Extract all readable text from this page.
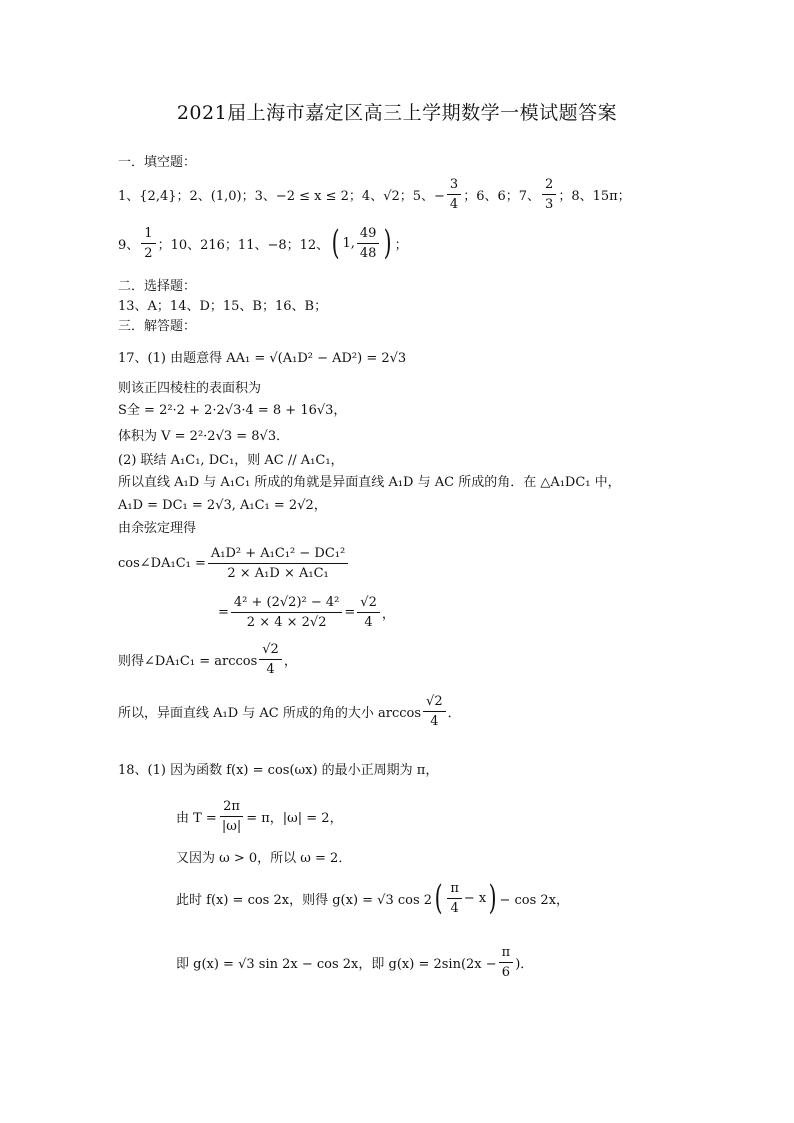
2021届上海市嘉定区高三上学期数学一模试题答案
一．填空题：
1、{2,4}；2、(1,0)；3、−2 ≤ x ≤ 2；4、√2；5、− $\frac{3}{4}$ ；6、6；7、 $\frac{2}{3}$ ；8、15π；
9、 $\frac{1}{2}$ ；10、216；11、−8；12、 ( 1, $\frac{49}{48}$ ) ；
二．选择题：
13、A；14、D；15、B；16、B；
三．解答题：
17、(1) 由题意得 AA₁ = √(A₁D² − AD²) = 2√3
则该正四棱柱的表面积为
S全 = 2²·2 + 2·2√3·4 = 8 + 16√3，
体积为 V = 2²·2√3 = 8√3．
(2) 联结 A₁C₁, DC₁，则 AC // A₁C₁，
所以直线 A₁D 与 A₁C₁ 所成的角就是异面直线 A₁D 与 AC 所成的角．在 △A₁DC₁ 中，
A₁D = DC₁ = 2√3, A₁C₁ = 2√2，
由余弦定理得
cos∠DA₁C₁ = $\frac{\text{A₁D² + A₁C₁² − DC₁²}}{\text{2 × A₁D × A₁C₁}}$
= $\frac{\text{4² + (2√2)² − 4²}}{2 \times 4 \times 2√2} = \frac{√2}{4}$ ，
则得∠DA₁C₁ = $\arccos \frac{√2}{4}$ ，
所以，异面直线 A₁D 与 AC 所成的角的大小 $\arccos \frac{√2}{4}$ ．
18、(1) 因为函数 f(x) = cos(ωx) 的最小正周期为 π，
由 $T = \frac{2\pi}{|\omega|} = \pi$，|ω| = 2，
又因为 ω > 0，所以 ω = 2．
此时 f(x) = cos 2x，则得 g(x) = √3 cos 2 ( $\frac{\pi}{4} - x$ ) − cos 2x，
即 g(x) = √3 sin 2x − cos 2x，即 $g(x) = 2\sin(2x - \frac{\pi}{6}$ )．
